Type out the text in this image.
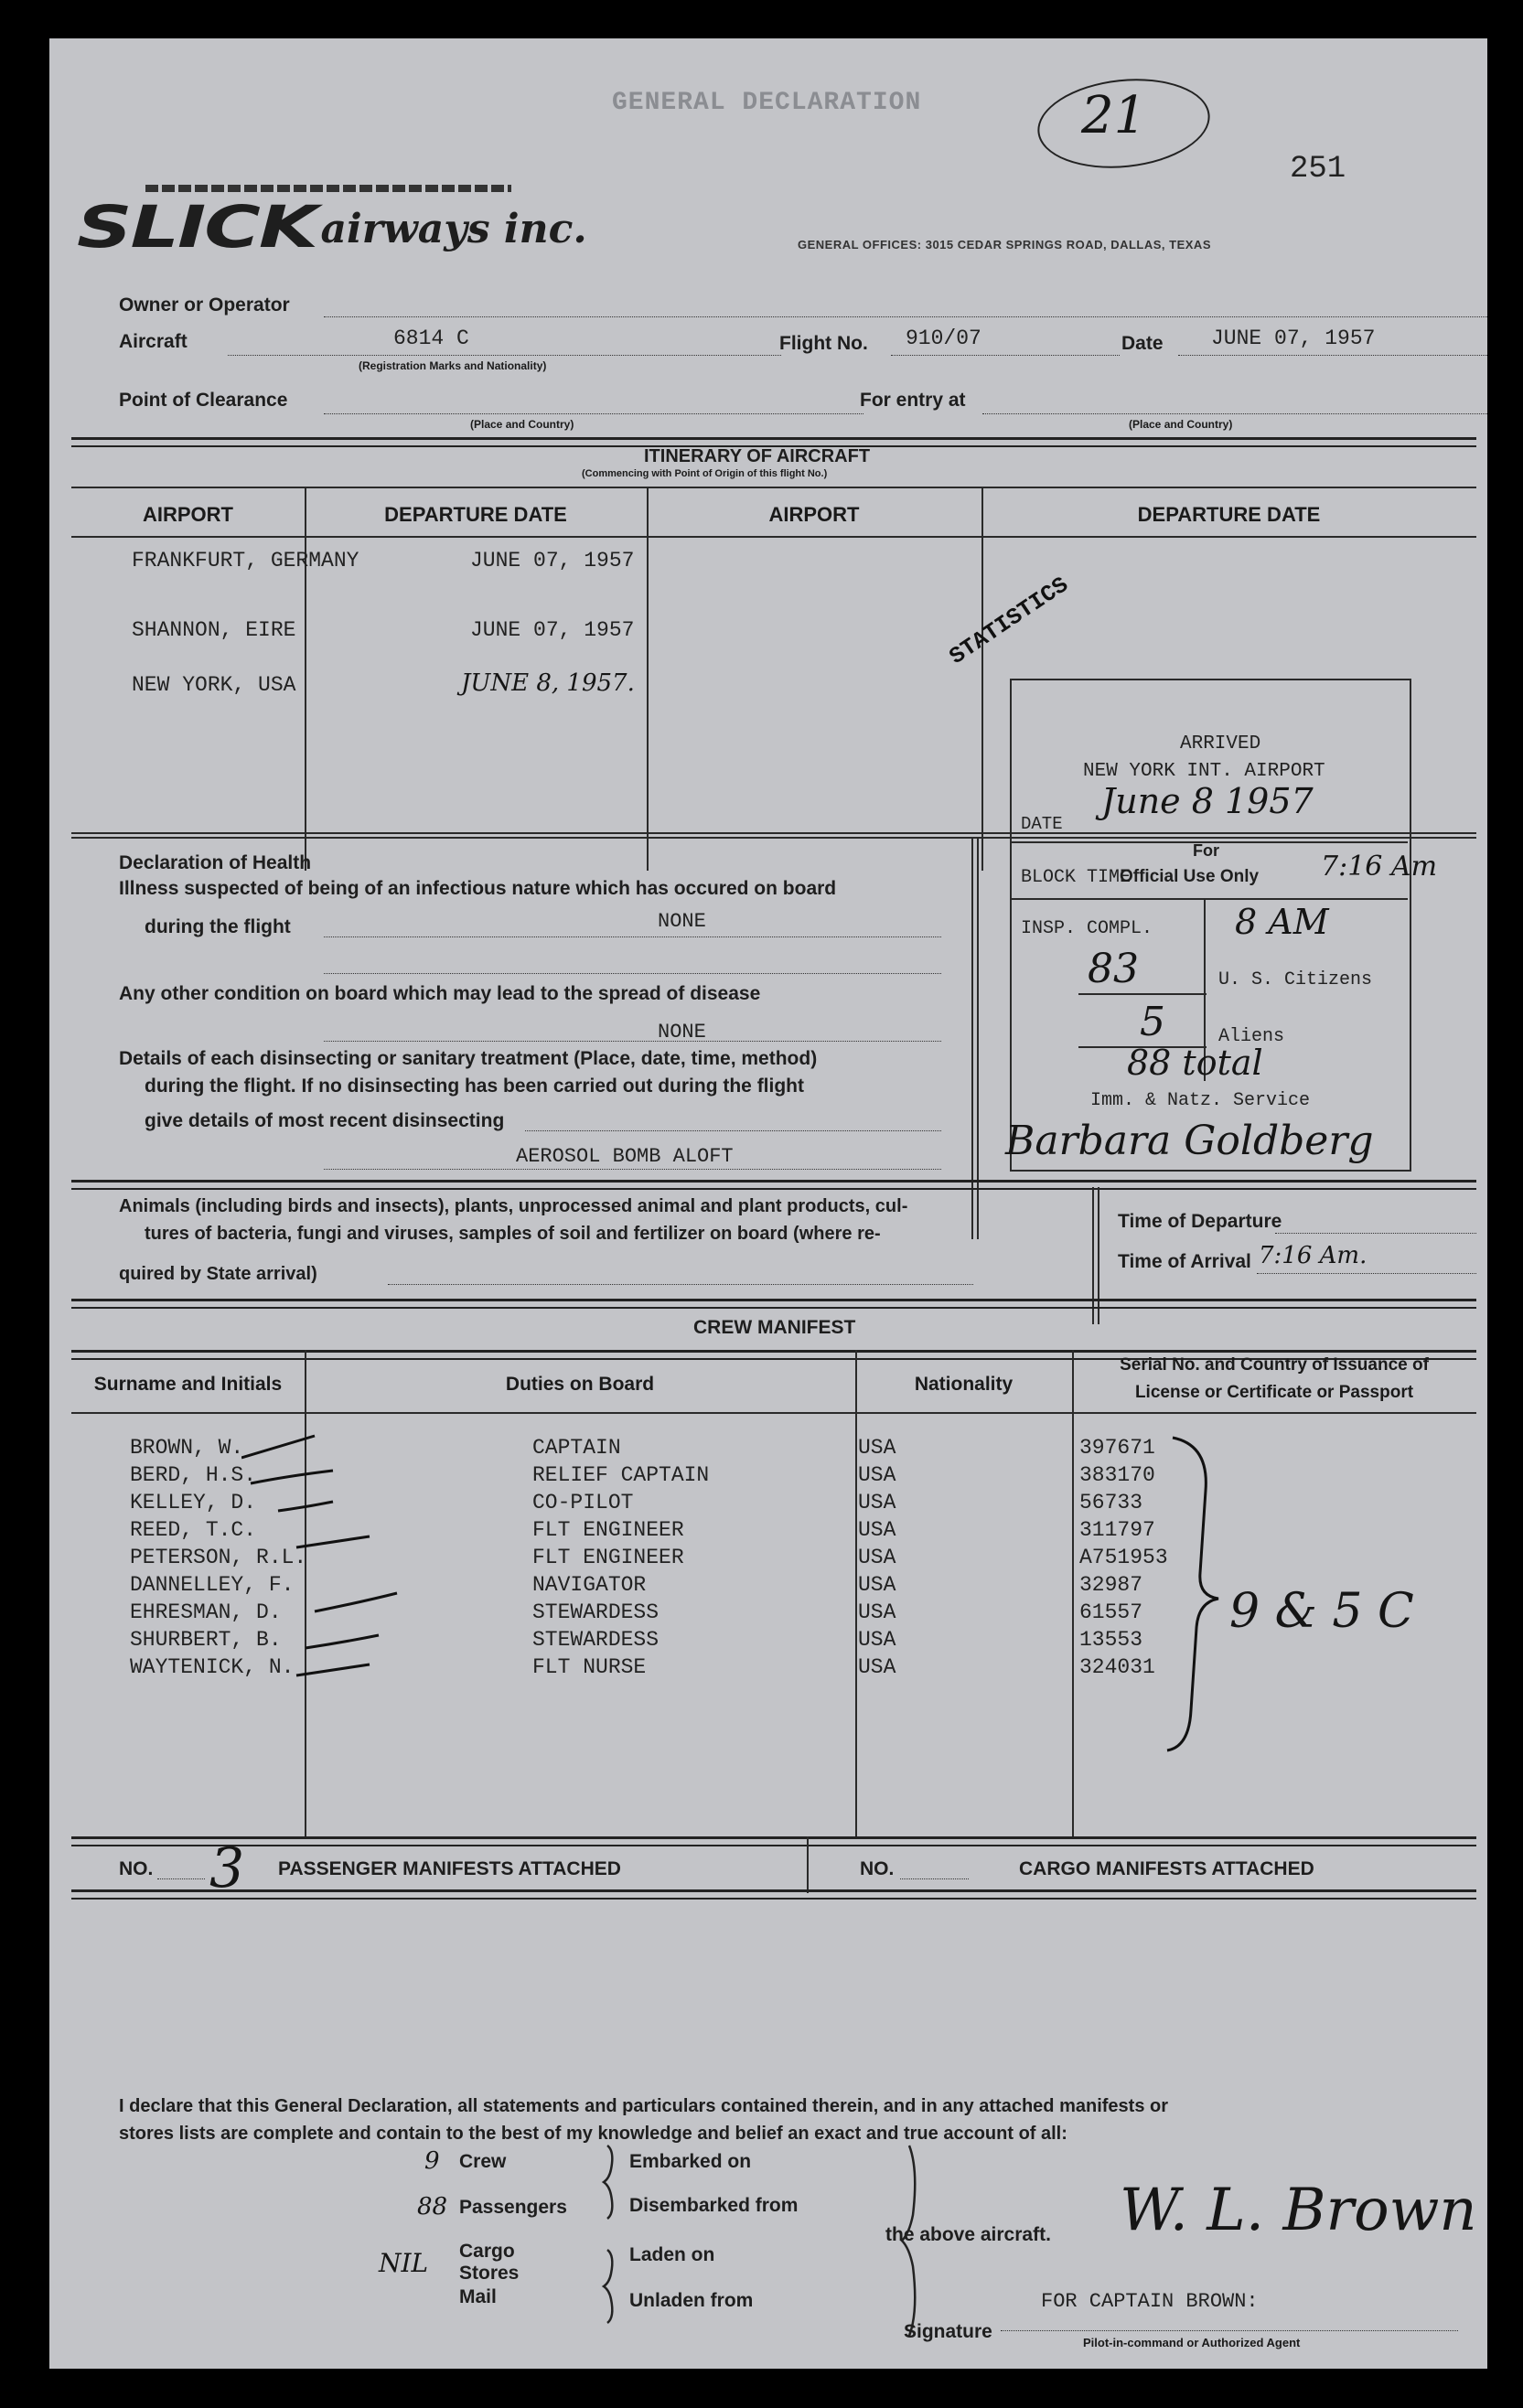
GENERAL DECLARATION	21
251
SLICK airways inc.	GENERAL OFFICES: 3015 CEDAR SPRINGS ROAD, DALLAS, TEXAS
Owner or Operator
Aircraft	6814 C
(Registration Marks and Nationality)
Flight No. 910/07	Date JUNE 07, 1957
Point of Clearance
(Place and Country)
For entry at
(Place and Country)
ITINERARY OF AIRCRAFT
(Commencing with Point of Origin of this flight No.)
AIRPORT	DEPARTURE DATE	AIRPORT	DEPARTURE DATE
FRANKFURT, GERMANY	JUNE 07, 1957
SHANNON, EIRE	JUNE 07, 1957
NEW YORK, USA	JUNE 8, 1957.
STATISTICS
ARRIVED
NEW YORK INT. AIRPORT
DATE
June 8 1957
BLOCK TIME
For
Official Use Only 7:16 Am
INSP. COMPL. 8 AM
83	U. S. Citizens
5	Aliens
88 total
Imm. & Natz. Service
Barbara Goldberg
Declaration of Health
Illness suspected of being of an infectious nature which has occured on board
during the flight	NONE
Any other condition on board which may lead to the spread of disease
NONE
Details of each disinsecting or sanitary treatment (Place, date, time, method)
during the flight. If no disinsecting has been carried out during the flight
give details of most recent disinsecting
AEROSOL BOMB ALOFT
Animals (including birds and insects), plants, unprocessed animal and plant products, cul-
tures of bacteria, fungi and viruses, samples of soil and fertilizer on board (where re-
quired by State arrival)
Time of Departure
Time of Arrival 7:16 Am.
CREW MANIFEST
Surname and Initials	Duties on Board	Nationality
Serial No. and Country of Issuance of
License or Certificate or Passport
BROWN, W.	CAPTAIN	USA	397671
BERD, H.S.	RELIEF CAPTAIN	USA	383170
KELLEY, D.	CO-PILOT	USA	56733
REED, T.C.	FLT ENGINEER	USA	311797
PETERSON, R.L.	FLT ENGINEER	USA	A751953
DANNELLEY, F.	NAVIGATOR	USA	32987
EHRESMAN, D.	STEWARDESS	USA	61557
SHURBERT, B.	STEWARDESS	USA	13553
WAYTENICK, N.	FLT NURSE	USA	324031
9 & 5 C
NO. 3 PASSENGER MANIFESTS ATTACHED	NO.	CARGO MANIFESTS ATTACHED
I declare that this General Declaration, all statements and particulars contained therein, and in any attached manifests or
stores lists are complete and contain to the best of my knowledge and belief an exact and true account of all:
9 Crew
88 Passengers
Cargo
Stores
Mail
NIL
Embarked on
Disembarked from
Laden on
Unladen from
the above aircraft. W. L. Brown
FOR CAPTAIN BROWN:
Signature
Pilot-in-command or Authorized Agent
